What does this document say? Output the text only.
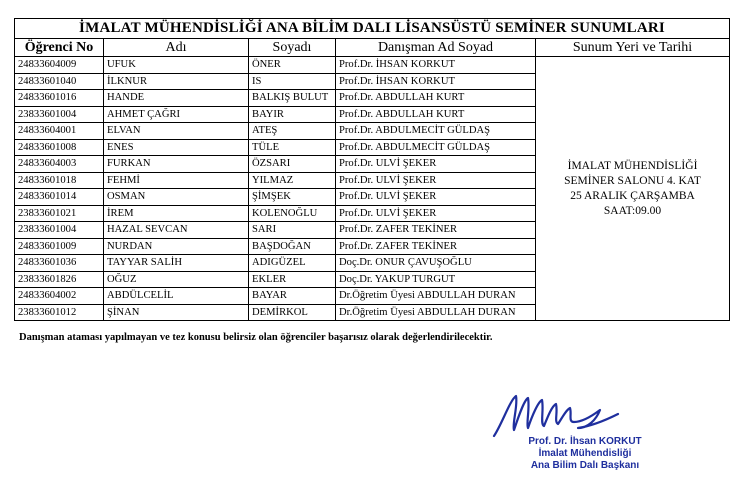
İMALAT MÜHENDİSLİĞİ ANA BİLİM DALI LİSANSÜSTÜ SEMİNER SUNUMLARI				
Öğrenci No	Adı	Soyadı	Danışman Ad Soyad	Sunum Yeri ve Tarihi
24833604009	UFUK	ÖNER	Prof.Dr. İHSAN KORKUT	İMALAT MÜHENDİSLİĞİ
SEMİNER SALONU 4. KAT
25 ARALIK ÇARŞAMBA
SAAT:09.00

24833601040	İLKNUR	IS	Prof.Dr. İHSAN KORKUT	
24833601016	HANDE	BALKIŞ BULUT	Prof.Dr. ABDULLAH KURT	
23833601004	AHMET ÇAĞRI	BAYIR	Prof.Dr. ABDULLAH KURT	
24833604001	ELVAN	ATEŞ	Prof.Dr. ABDULMECİT GÜLDAŞ	
24833601008	ENES	TÜLE	Prof.Dr. ABDULMECİT GÜLDAŞ	
24833604003	FURKAN	ÖZSARI	Prof.Dr. ULVİ ŞEKER	
24833601018	FEHMİ	YILMAZ	Prof.Dr. ULVİ ŞEKER	
24833601014	OSMAN	ŞİMŞEK	Prof.Dr. ULVİ ŞEKER	
23833601021	İREM	KOLENOĞLU	Prof.Dr. ULVİ ŞEKER	
23833601004	HAZAL SEVCAN	SARI	Prof.Dr. ZAFER TEKİNER	
24833601009	NURDAN	BAŞDOĞAN	Prof.Dr. ZAFER TEKİNER	
24833601036	TAYYAR SALİH	ADIGÜZEL	Doç.Dr. ONUR ÇAVUŞOĞLU	
23833601826	OĞUZ	EKLER	Doç.Dr. YAKUP TURGUT	
24833604002	ABDÜLCELİL	BAYAR	Dr.Öğretim Üyesi ABDULLAH DURAN	
23833601012	ŞİNAN	DEMİRKOL	Dr.Öğretim Üyesi ABDULLAH DURAN	
Danışman ataması yapılmayan ve tez konusu belirsiz olan öğrenciler başarısız olarak değerlendirilecektir.
Prof. Dr. İhsan KORKUT
İmalat Mühendisliği
Ana Bilim Dalı Başkanı
